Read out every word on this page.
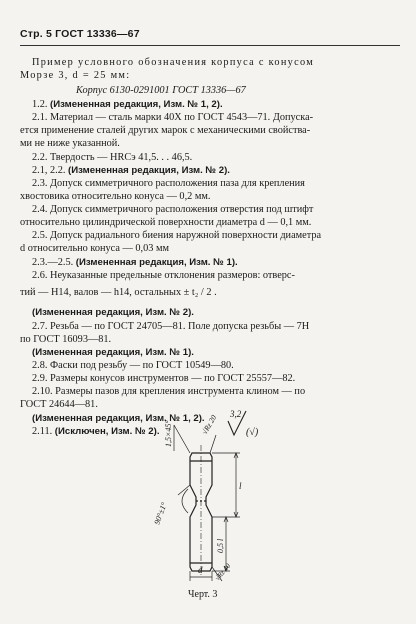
Стр. 5 ГОСТ 13336—67
Пример условного обозначения корпуса с конусом
Морзе 3, d = 25 мм:
Корпус 6130-0291001 ГОСТ 13336—67
1.2. (Измененная редакция, Изм. № 1, 2).
2.1. Материал — сталь марки 40Х по ГОСТ 4543—71. Допуска-
ется применение сталей других марок с механическими свойства-
ми не ниже указанной.
2.2. Твердость — HRCэ 41,5. . . 46,5.
2.1, 2.2. (Измененная редакция, Изм. № 2).
2.3. Допуск симметричного расположения паза для крепления
хвостовика относительно конуса — 0,2 мм.
2.4. Допуск симметричного расположения отверстия под штифт
относительно цилиндрической поверхности диаметра d — 0,1 мм.
2.5. Допуск радиального биения наружной поверхности диаметра
d относительно конуса — 0,03 мм
2.3.—2.5. (Измененная редакция, Изм. № 1).
2.6. Неуказанные предельные отклонения размеров: отверс-
тий — H14, валов — h14, остальных ± t₂ / 2 .
(Измененная редакция, Изм. № 2).
2.7. Резьба — по ГОСТ 24705—81. Поле допуска резьбы — 7Н
по ГОСТ 16093—81.
(Измененная редакция, Изм. № 1).
2.8. Фаски под резьбу — по ГОСТ 10549—80.
2.9. Размеры конусов инструментов — по ГОСТ 25557—82.
2.10. Размеры пазов для крепления инструмента клином — по
ГОСТ 24644—81.
(Измененная редакция, Изм. № 1, 2).
2.11. (Исключен, Изм. № 2).
3,2
(√)
l
0,5 l
1,5×45°	√Rz 20
90°±1°
d √Rz 40
Черт. 3
